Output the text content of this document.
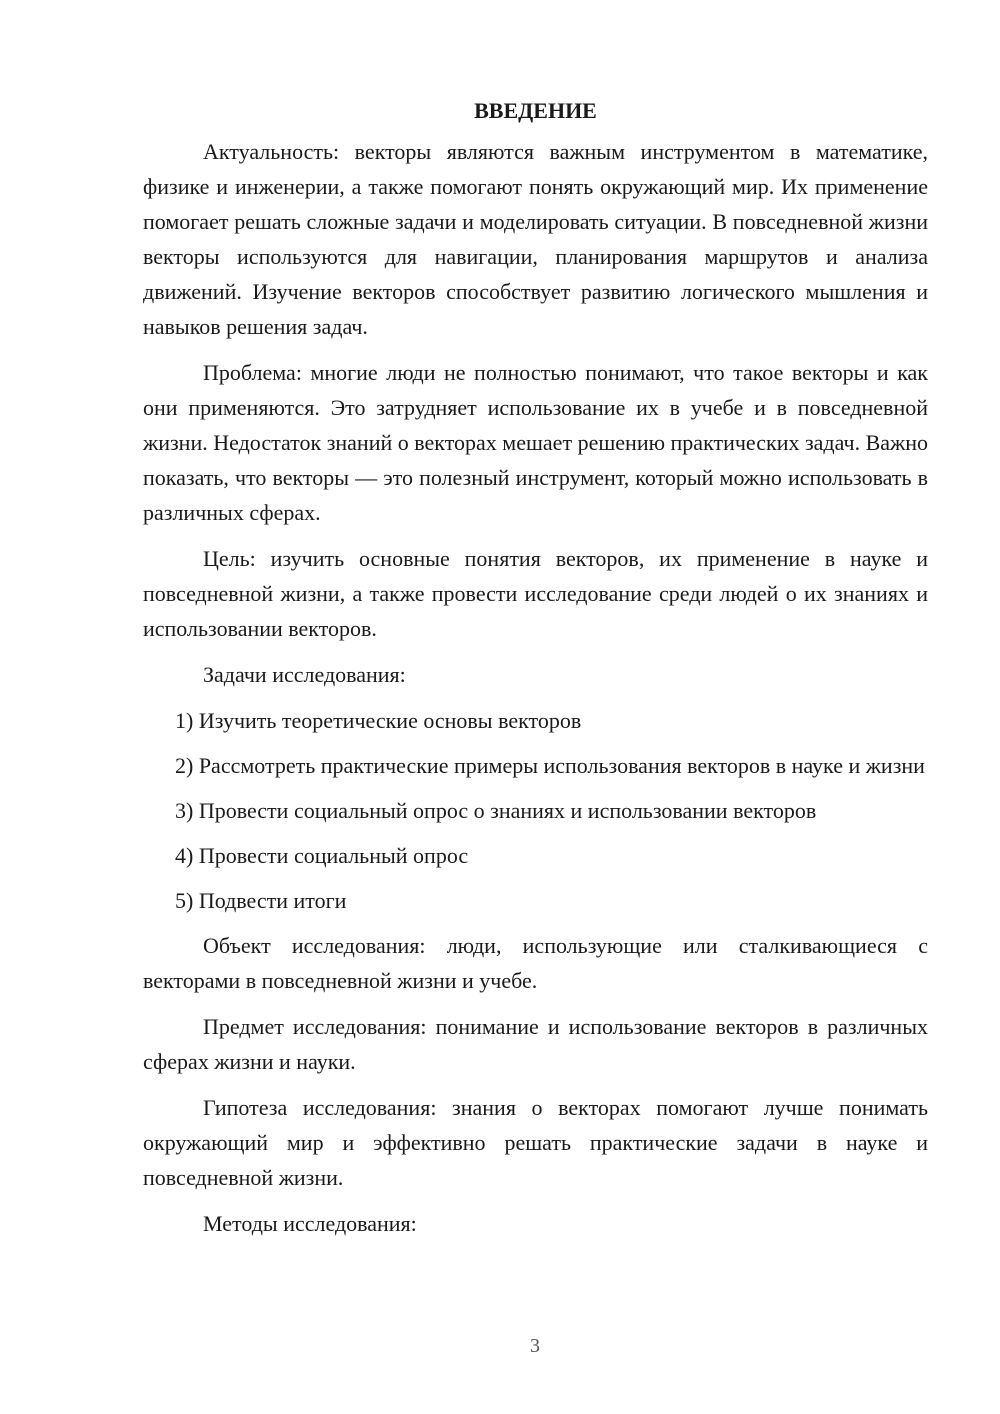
ВВЕДЕНИЕ

Актуальность: векторы являются важным инструментом в математике, физике и инженерии, а также помогают понять окружающий мир. Их применение помогает решать сложные задачи и моделировать ситуации. В повседневной жизни векторы используются для навигации, планирования маршрутов и анализа движений. Изучение векторов способствует развитию логического мышления и навыков решения задач.

Проблема: многие люди не полностью понимают, что такое векторы и как они применяются. Это затрудняет использование их в учебе и в повседневной жизни. Недостаток знаний о векторах мешает решению практических задач. Важно показать, что векторы — это полезный инструмент, который можно использовать в различных сферах.

Цель: изучить основные понятия векторов, их применение в науке и повседневной жизни, а также провести исследование среди людей о их знаниях и использовании векторов.

Задачи исследования:

1) Изучить теоретические основы векторов

2) Рассмотреть практические примеры использования векторов в науке и жизни

3) Провести социальный опрос о знаниях и использовании векторов

4) Провести социальный опрос

5) Подвести итоги

Объект исследования: люди, использующие или сталкивающиеся с векторами в повседневной жизни и учебе.

Предмет исследования: понимание и использование векторов в различных сферах жизни и науки.

Гипотеза исследования: знания о векторах помогают лучше понимать окружающий мир и эффективно решать практические задачи в науке и повседневной жизни.

Методы исследования:

3
